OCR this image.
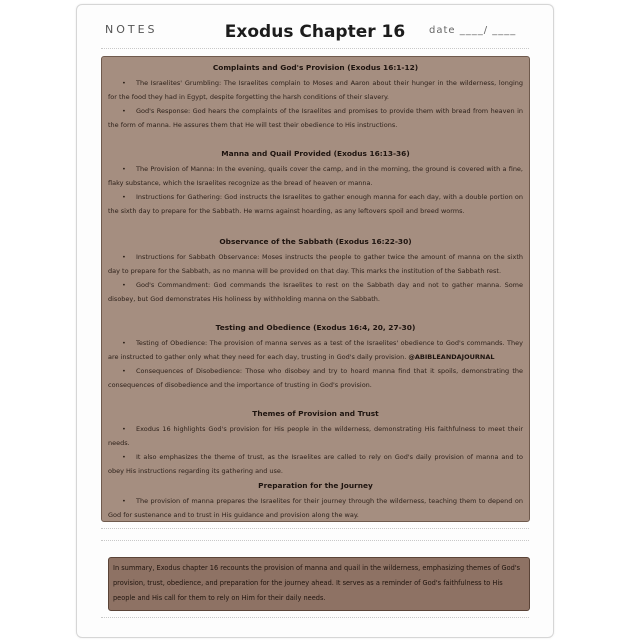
NOTES	Exodus Chapter 16	date ____/ ____
Complaints and God's Provision (Exodus 16:1-12)

• The Israelites' Grumbling: The Israelites complain to Moses and Aaron about their hunger in the wilderness, longing for the food they had in Egypt, despite forgetting the harsh conditions of their slavery.

• God's Response: God hears the complaints of the Israelites and promises to provide them with bread from heaven in the form of manna. He assures them that He will test their obedience to His instructions.

Manna and Quail Provided (Exodus 16:13-36)

• The Provision of Manna: In the evening, quails cover the camp, and in the morning, the ground is covered with a fine, flaky substance, which the Israelites recognize as the bread of heaven or manna.

• Instructions for Gathering: God instructs the Israelites to gather enough manna for each day, with a double portion on the sixth day to prepare for the Sabbath. He warns against hoarding, as any leftovers spoil and breed worms.

Observance of the Sabbath (Exodus 16:22-30)

• Instructions for Sabbath Observance: Moses instructs the people to gather twice the amount of manna on the sixth day to prepare for the Sabbath, as no manna will be provided on that day. This marks the institution of the Sabbath rest.

• God's Commandment: God commands the Israelites to rest on the Sabbath day and not to gather manna. Some disobey, but God demonstrates His holiness by withholding manna on the Sabbath.

Testing and Obedience (Exodus 16:4, 20, 27-30)

• Testing of Obedience: The provision of manna serves as a test of the Israelites' obedience to God's commands. They are instructed to gather only what they need for each day, trusting in God's daily provision. @ABIBLEANDAJOURNAL

• Consequences of Disobedience: Those who disobey and try to hoard manna find that it spoils, demonstrating the consequences of disobedience and the importance of trusting in God's provision.

Themes of Provision and Trust

• Exodus 16 highlights God's provision for His people in the wilderness, demonstrating His faithfulness to meet their needs.

• It also emphasizes the theme of trust, as the Israelites are called to rely on God's daily provision of manna and to obey His instructions regarding its gathering and use.

Preparation for the Journey

• The provision of manna prepares the Israelites for their journey through the wilderness, teaching them to depend on God for sustenance and to trust in His guidance and provision along the way.

In summary, Exodus chapter 16 recounts the provision of manna and quail in the wilderness, emphasizing themes of God's provision, trust, obedience, and preparation for the journey ahead. It serves as a reminder of God's faithfulness to His people and His call for them to rely on Him for their daily needs.
